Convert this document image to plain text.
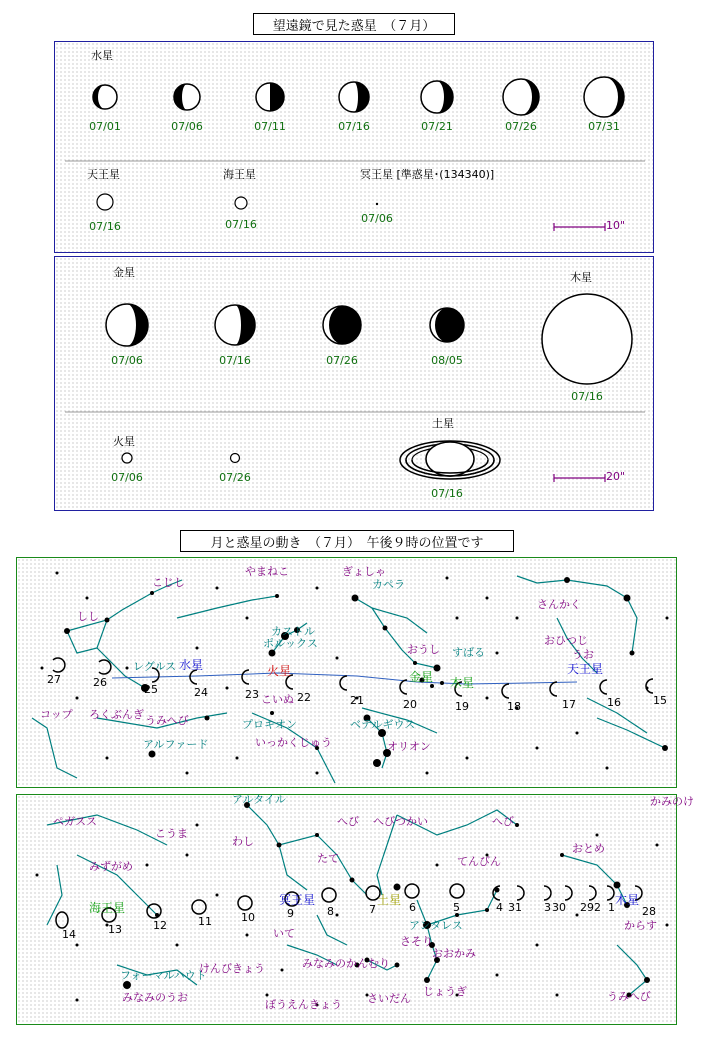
望遠鏡で見た惑星　（７月）
水星
07/01	07/06	07/11	07/16	07/21	07/26	07/31
天王星	海王星	冥王星 [準惑星･(134340)]
07/16	07/16	07/06
10"
金星	木星
07/06	07/16	07/26	08/05
07/16
火星
土星
07/06	07/26
07/16
20"
月と惑星の動き　（７月）　午後９時の位置です
こじし
やまねこ	ぎょしゃ
カペラ
しし
カストル
ポルックス	おうし すばる
さんかく
おひつじ
うお
レグルス
こいぬ
プロキオン	ベテルギウス
オリオン
コップ ろくぶんぎ うみへび
アルファード	いっかくじゅう
水星	火星	金星
天王星
木星
27	26
25	24	23	22	21	20	19	18	17	16	15
アルタイル	かみのけ
ペガスス
こうま
わし
へび へびつかい	へび
おとめ
みずがめ
たて	てんびん
いて
さそり
アンタレス
おおかみ
フォーマルハウト
みなみのうお
けんびきょう	みなみのかんむり
さいだん
じょうぎ
ぼうえんきょう
うみへび
からす
海王星
冥王星	土星	木星
14	13	12	11	10	9	8	7	6	5	4	3	2 1
31	30 29	28
